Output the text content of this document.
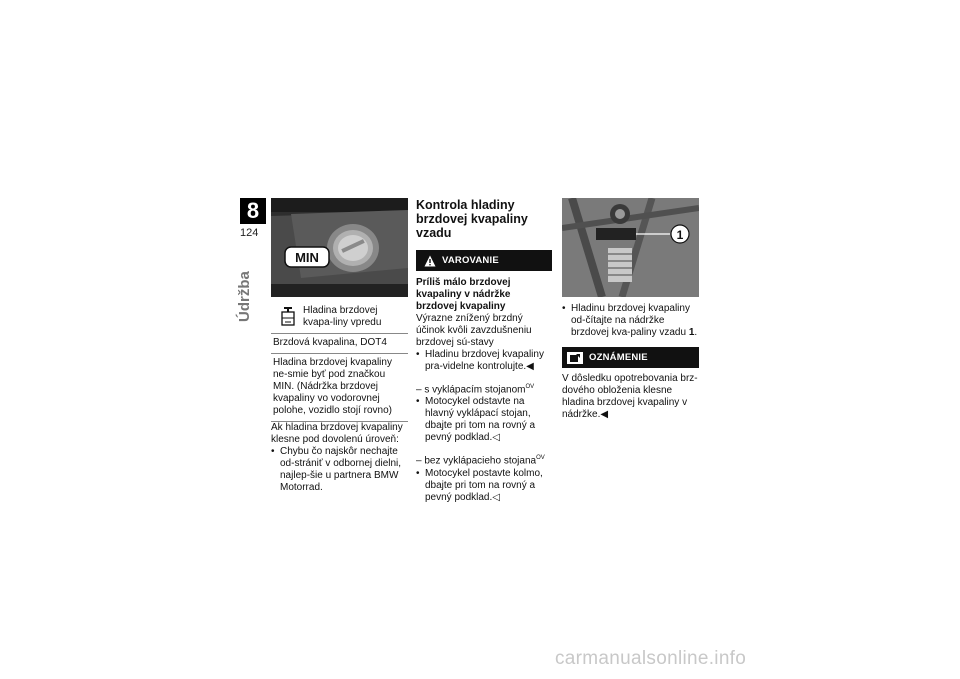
8
124
Údržba
MIN
Hladina brzdovej kvapa-liny vpredu
Brzdová kvapalina, DOT4
Hladina brzdovej kvapaliny ne-smie byť pod značkou MIN. (Nádržka brzdovej kvapaliny vo vodorovnej polohe, vozidlo stojí rovno)

Ak hladina brzdovej kvapaliny klesne pod dovolenú úroveň:

• Chybu čo najskôr nechajte od-strániť v odbornej dielni, najlep-šie u partnera BMW Motorrad.
Kontrola hladiny brzdovej kvapaliny vzadu
VAROVANIE
Príliš málo brzdovej kvapaliny v nádržke brzdovej kvapaliny

Výrazne znížený brzdný účinok kvôli zavzdušneniu brzdovej sú-stavy

• Hladinu brzdovej kvapaliny pra-videlne kontrolujte.◀
– s vyklápacím stojanom$^{OV}$
• Motocykel odstavte na hlavný vyklápací stojan, dbajte pri tom na rovný a pevný podklad.◁
– bez vyklápacieho stojana$^{OV}$
• Motocykel postavte kolmo, dbajte pri tom na rovný a pevný podklad.◁
1
• Hladinu brzdovej kvapaliny od-čítajte na nádržke brzdovej kva-paliny vzadu 1.
OZNÁMENIE

V dôsledku opotrebovania brz-dového obloženia klesne hladina brzdovej kvapaliny v nádržke.◀

carmanualsonline.info
